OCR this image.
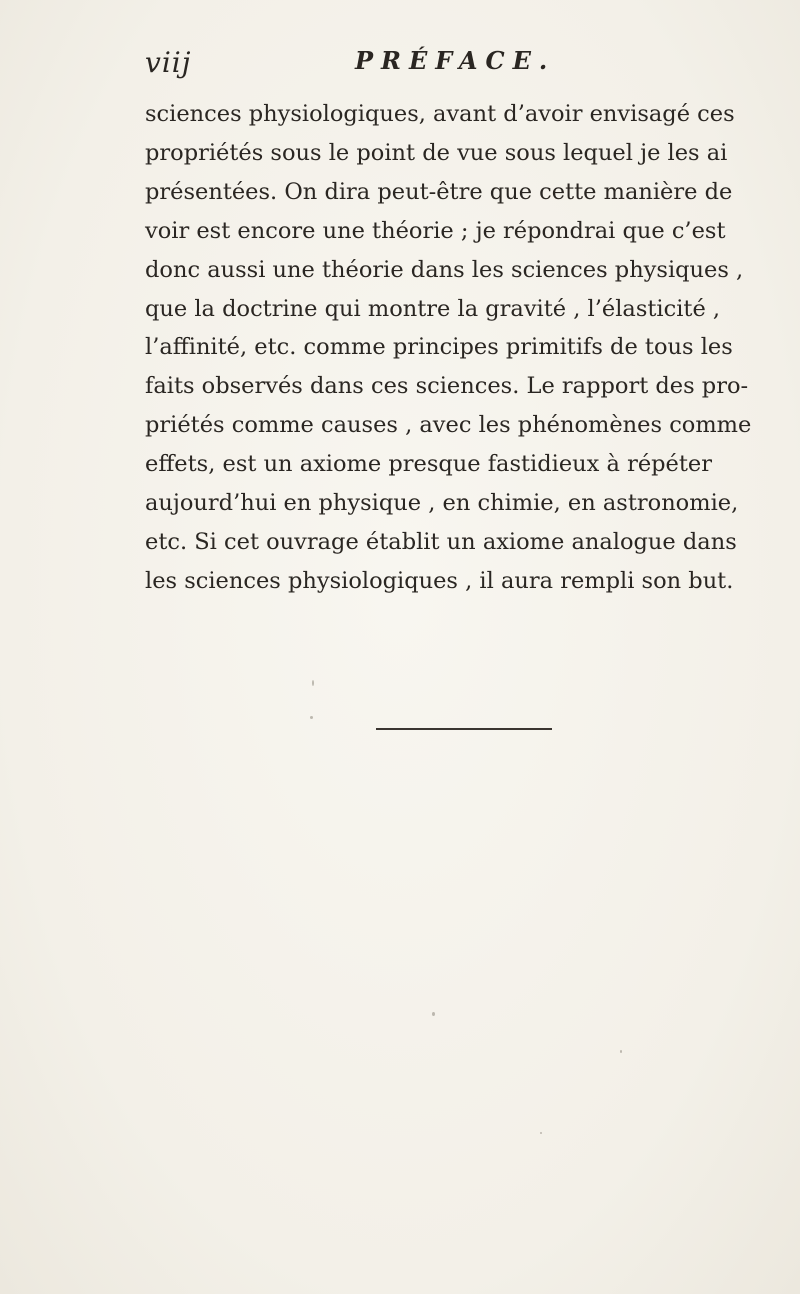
viij	PRÉFACE.
sciences physiologiques, avant d’avoir envisagé ces
propriétés sous le point de vue sous lequel je les ai
présentées. On dira peut-être que cette manière de
voir est encore une théorie ; je répondrai que c’est
donc aussi une théorie dans les sciences physiques ,
que la doctrine qui montre la gravité , l’élasticité ,
l’affinité, etc. comme principes primitifs de tous les
faits observés dans ces sciences. Le rapport des pro-
priétés comme causes , avec les phénomènes comme
effets, est un axiome presque fastidieux à répéter
aujourd’hui en physique , en chimie, en astronomie,
etc. Si cet ouvrage établit un axiome analogue dans
les sciences physiologiques , il aura rempli son but.
